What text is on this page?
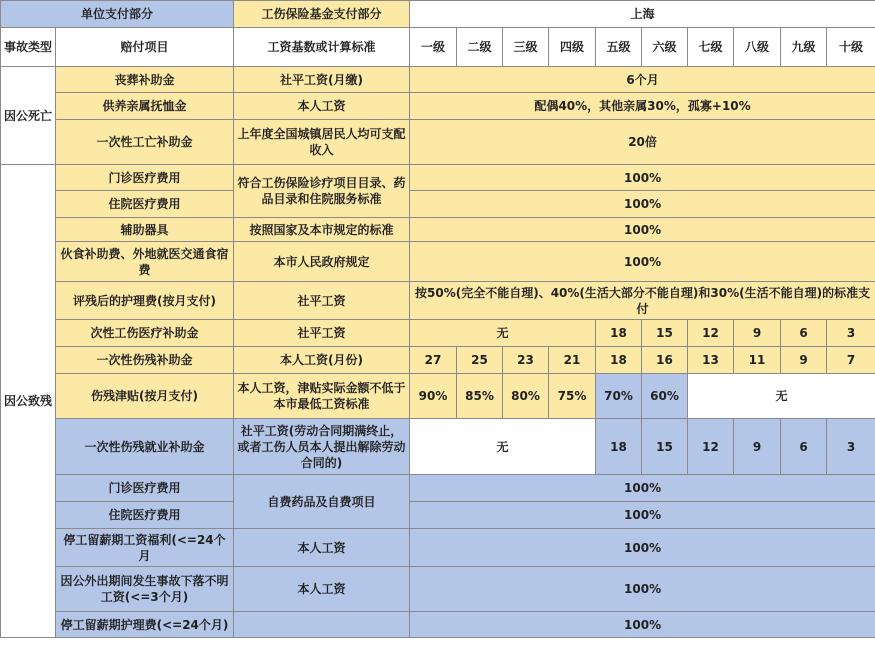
单位支付部分		工伤保险基金支付部分	上海									
事故类型	赔付项目	工资基数或计算标准	一级	二级	三级	四级	五级	六级	七级	八级	九级	十级
因公死亡	丧葬补助金	社平工资(月缴)	6个月									
	供养亲属抚恤金	本人工资	配偶40%，其他亲属30%，孤寡+10%									
	一次性工亡补助金	上年度全国城镇居民人均可支配收入	20倍									
因公致残	门诊医疗费用	符合工伤保险诊疗项目目录、药品目录和住院服务标准	100%									
	住院医疗费用		100%									
	辅助器具	按照国家及本市规定的标准	100%									
	伙食补助费、外地就医交通食宿费	本市人民政府规定	100%									
	评残后的护理费(按月支付)	社平工资	按50%(完全不能自理)、40%(生活大部分不能自理)和30%(生活不能自理)的标准支付									
	次性工伤医疗补助金	社平工资	无				18	15	12	9	6	3
	一次性伤残补助金	本人工资(月份)	27	25	23	21	18	16	13	11	9	7
	伤残津贴(按月支付)	本人工资，津贴实际金额不低于本市最低工资标准	90%	85%	80%	75%	70%	60%	无			
	一次性伤残就业补助金	社平工资(劳动合同期满终止，或者工伤人员本人提出解除劳动合同的)	无				18	15	12	9	6	3
	门诊医疗费用	自费药品及自费项目	100%									
	住院医疗费用		100%									
	停工留薪期工资福利(<=24个月	本人工资	100%									
	因公外出期间发生事故下落不明工资(<=3个月)	本人工资	100%									
	停工留薪期护理费(<=24个月)		100%									
